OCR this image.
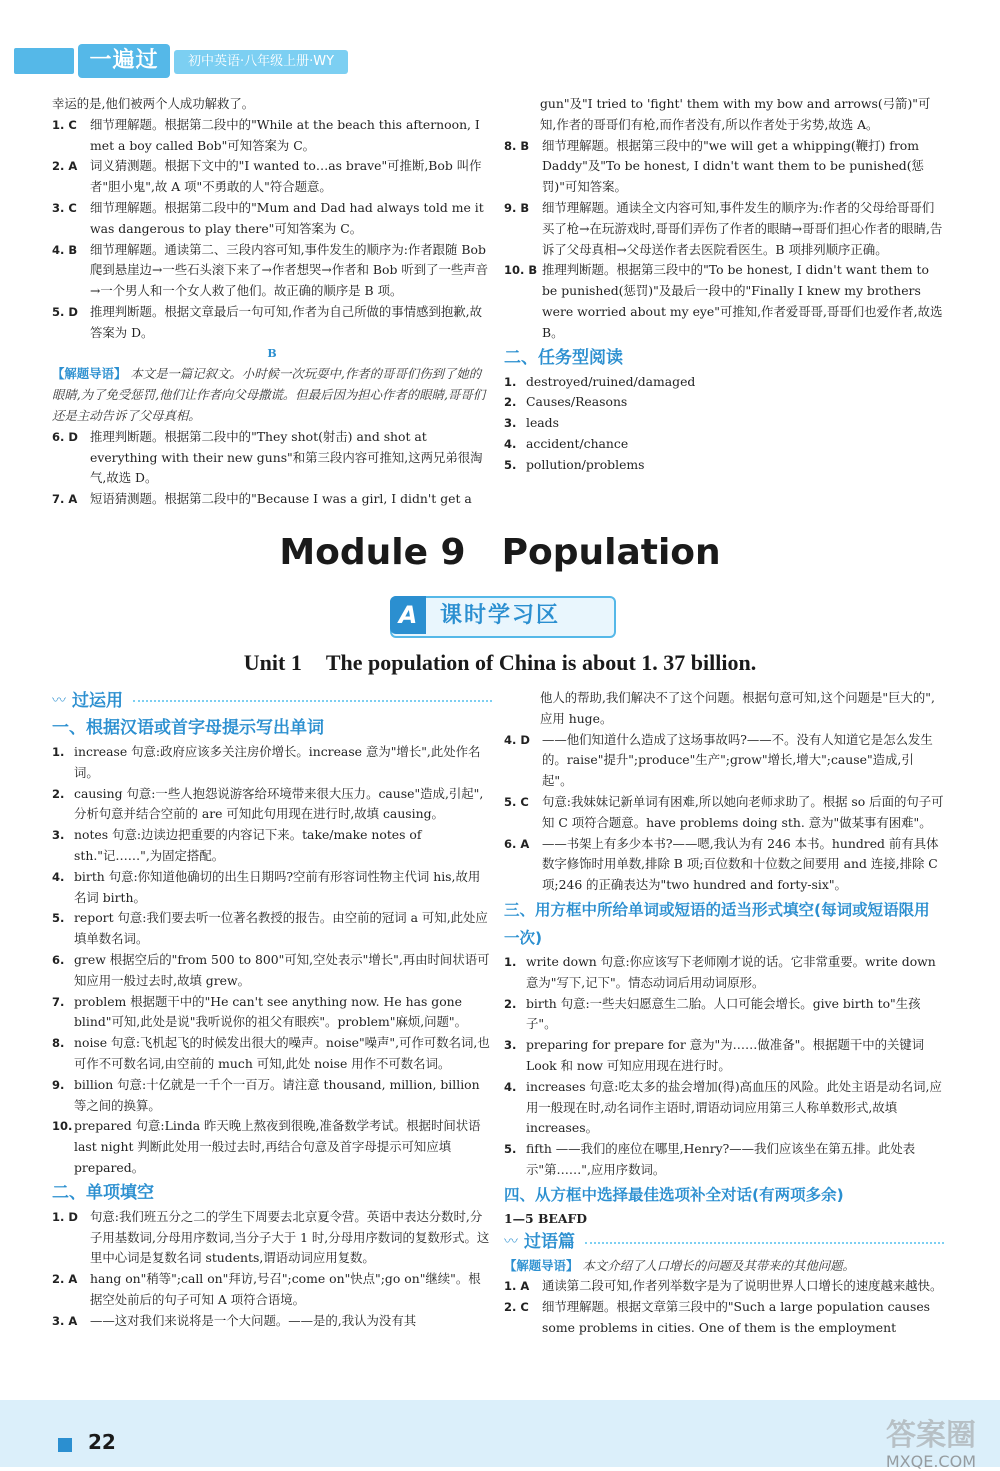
一遍过	初中英语·八年级上册·WY

幸运的是,他们被两个人成功解救了。

1. C	细节理解题。根据第二段中的"While at the beach this afternoon, I met a boy called Bob"可知答案为 C。
2. A	词义猜测题。根据下文中的"I wanted to…as brave"可推断,Bob 叫作者"胆小鬼",故 A 项"不勇敢的人"符合题意。
3. C	细节理解题。根据第二段中的"Mum and Dad had always told me it was dangerous to play there"可知答案为 C。
4. B	细节理解题。通读第二、三段内容可知,事件发生的顺序为:作者跟随 Bob 爬到悬崖边→一些石头滚下来了→作者想哭→作者和 Bob 听到了一些声音→一个男人和一个女人救了他们。故正确的顺序是 B 项。
5. D 推理判断题。根据文章最后一句可知,作者为自己所做的事情感到抱歉,故答案为 D。

B

【解题导语】 本文是一篇记叙文。小时候一次玩耍中,作者的哥哥们伤到了她的眼睛,为了免受惩罚,他们让作者向父母撒谎。但最后因为担心作者的眼睛,哥哥们还是主动告诉了父母真相。

6. D 推理判断题。根据第二段中的"They shot(射击) and shot at everything with their new guns"和第三段内容可推知,这两兄弟很淘气,故选 D。
7. A	短语猜测题。根据第二段中的"Because I was a girl, I didn't get a

gun"及"I tried to 'fight' them with my bow and arrows(弓箭)"可知,作者的哥哥们有枪,而作者没有,所以作者处于劣势,故选 A。

8. B	细节理解题。根据第三段中的"we will get a whipping(鞭打) from Daddy"及"To be honest, I didn't want them to be punished(惩罚)"可知答案。
9. B	细节理解题。通读全文内容可知,事件发生的顺序为:作者的父母给哥哥们买了枪→在玩游戏时,哥哥们弄伤了作者的眼睛→哥哥们担心作者的眼睛,告诉了父母真相→父母送作者去医院看医生。B 项排列顺序正确。
10. B 推理判断题。根据第三段中的"To be honest, I didn't want them to be punished(惩罚)"及最后一段中的"Finally I knew my brothers were worried about my eye"可推知,作者爱哥哥,哥哥们也爱作者,故选 B。
二、任务型阅读
1. destroyed/ruined/damaged
2. Causes/Reasons
3. leads
4. accident/chance
5. pollution/problems
Module 9 Population
A	课时学习区
Unit 1 The population of China is about 1. 37 billion.
〰 过运用
一、根据汉语或首字母提示写出单词
1. increase 句意:政府应该多关注房价增长。increase 意为"增长",此处作名词。
2. causing 句意:一些人抱怨说游客给环境带来很大压力。cause"造成,引起",分析句意并结合空前的 are 可知此句用现在进行时,故填 causing。
3. notes 句意:边读边把重要的内容记下来。take/make notes of sth."记……",为固定搭配。
4. birth 句意:你知道他确切的出生日期吗?空前有形容词性物主代词 his,故用名词 birth。
5. report 句意:我们要去听一位著名教授的报告。由空前的冠词 a 可知,此处应填单数名词。
6. grew 根据空后的"from 500 to 800"可知,空处表示"增长",再由时间状语可知应用一般过去时,故填 grew。
7. problem 根据题干中的"He can't see anything now. He has gone blind"可知,此处是说"我听说你的祖父有眼疾"。problem"麻烦,问题"。
8. noise 句意:飞机起飞的时候发出很大的噪声。noise"噪声",可作可数名词,也可作不可数名词,由空前的 much 可知,此处 noise 用作不可数名词。
9. billion 句意:十亿就是一千个一百万。请注意 thousand, million, billion 等之间的换算。
10. prepared 句意:Linda 昨天晚上熬夜到很晚,准备数学考试。根据时间状语 last night 判断此处用一般过去时,再结合句意及首字母提示可知应填 prepared。
二、单项填空
1. D 句意:我们班五分之二的学生下周要去北京夏令营。英语中表达分数时,分子用基数词,分母用序数词,当分子大于 1 时,分母用序数词的复数形式。这里中心词是复数名词 students,谓语动词应用复数。
2. A	hang on"稍等";call on"拜访,号召";come on"快点";go on"继续"。根据空处前后的句子可知 A 项符合语境。
3. A	——这对我们来说将是一个大问题。——是的,我认为没有其

他人的帮助,我们解决不了这个问题。根据句意可知,这个问题是"巨大的",应用 huge。

4. D ——他们知道什么造成了这场事故吗?——不。没有人知道它是怎么发生的。raise"提升";produce"生产";grow"增长,增大";cause"造成,引起"。
5. C	句意:我妹妹记新单词有困难,所以她向老师求助了。根据 so 后面的句子可知 C 项符合题意。have problems doing sth. 意为"做某事有困难"。
6. A	——书架上有多少本书?——嗯,我认为有 246 本书。hundred 前有具体数字修饰时用单数,排除 B 项;百位数和十位数之间要用 and 连接,排除 C 项;246 的正确表达为"two hundred and forty-six"。
三、用方框中所给单词或短语的适当形式填空(每词或短语限用一次)
1. write down 句意:你应该写下老师刚才说的话。它非常重要。write down 意为"写下,记下"。情态动词后用动词原形。
2. birth 句意:一些夫妇愿意生二胎。人口可能会增长。give birth to"生孩子"。
3. preparing for prepare for 意为"为……做准备"。根据题干中的关键词 Look 和 now 可知应用现在进行时。
4. increases 句意:吃太多的盐会增加(得)高血压的风险。此处主语是动名词,应用一般现在时,动名词作主语时,谓语动词应用第三人称单数形式,故填 increases。
5. fifth ——我们的座位在哪里,Henry?——我们应该坐在第五排。此处表示"第……",应用序数词。
四、从方框中选择最佳选项补全对话(有两项多余)

1—5 BEAFD

〰 过语篇

【解题导语】 本文介绍了人口增长的问题及其带来的其他问题。

1. A	通读第二段可知,作者列举数字是为了说明世界人口增长的速度越来越快。
2. C	细节理解题。根据文章第三段中的"Such a large population causes some problems in cities. One of them is the employment
22	答案圈
MXQE.COM
